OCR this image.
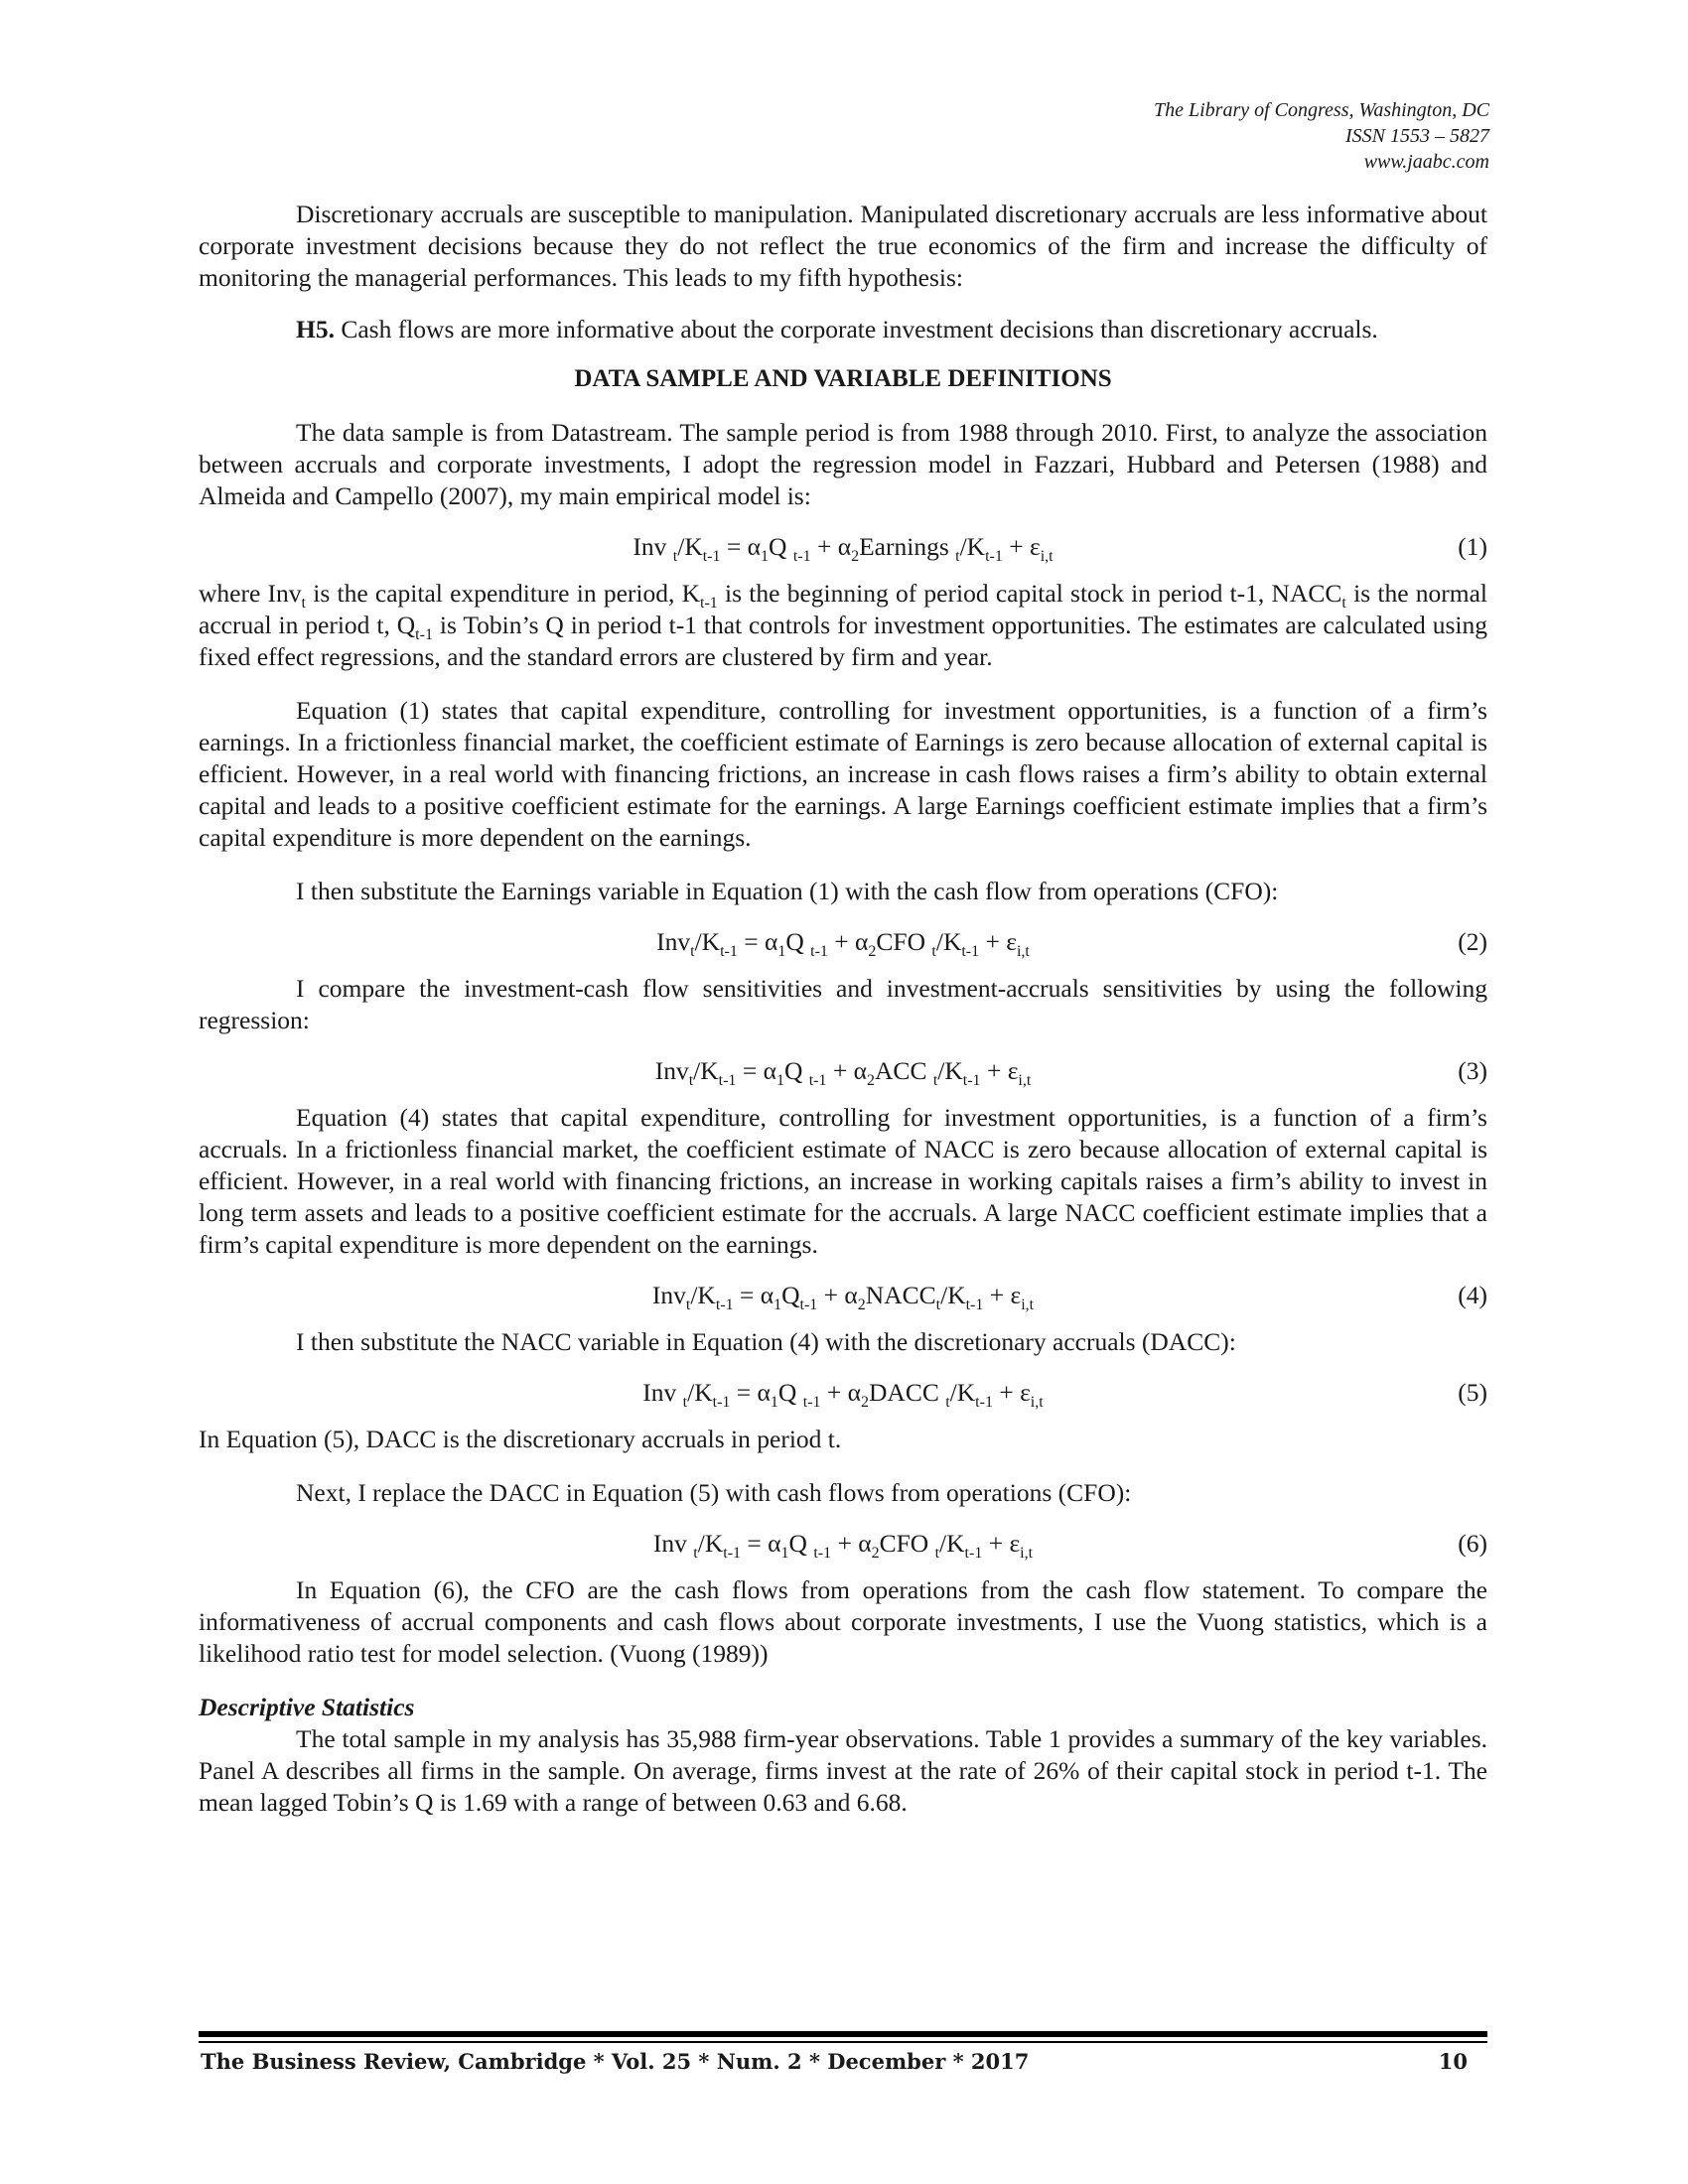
The Library of Congress, Washington, DC
ISSN 1553 – 5827
www.jaabc.com

Discretionary accruals are susceptible to manipulation. Manipulated discretionary accruals are less informative about corporate investment decisions because they do not reflect the true economics of the firm and increase the difficulty of monitoring the managerial performances. This leads to my fifth hypothesis:

H5. Cash flows are more informative about the corporate investment decisions than discretionary accruals.

DATA SAMPLE AND VARIABLE DEFINITIONS

The data sample is from Datastream. The sample period is from 1988 through 2010. First, to analyze the association between accruals and corporate investments, I adopt the regression model in Fazzari, Hubbard and Petersen (1988) and Almeida and Campello (2007), my main empirical model is:

Inv $_t/K_{t-1} = \alpha_1Q$ $_{t-1} + \alpha_2Earnings$ $_t/K_{t-1} + \varepsilon_{i,t}$	(1)

where Inv$_t$ is the capital expenditure in period, $K_{t-1}$ is the beginning of period capital stock in period t-1, $NACC_t$ is the normal accrual in period t, $Q_{t-1}$ is Tobin’s Q in period t-1 that controls for investment opportunities. The estimates are calculated using fixed effect regressions, and the standard errors are clustered by firm and year.

Equation (1) states that capital expenditure, controlling for investment opportunities, is a function of a firm’s earnings. In a frictionless financial market, the coefficient estimate of Earnings is zero because allocation of external capital is efficient. However, in a real world with financing frictions, an increase in cash flows raises a firm’s ability to obtain external capital and leads to a positive coefficient estimate for the earnings. A large Earnings coefficient estimate implies that a firm’s capital expenditure is more dependent on the earnings.

I then substitute the Earnings variable in Equation (1) with the cash flow from operations (CFO):

$Inv_t/K_{t-1} = \alpha_1Q$ $_{t-1} + \alpha_2CFO$ $_t/K_{t-1} + \varepsilon_{i,t}$	(2)

I compare the investment-cash flow sensitivities and investment-accruals sensitivities by using the following regression:

$Inv_t/K_{t-1} = \alpha_1Q$ $_{t-1} + \alpha_2ACC$ $_t/K_{t-1} + \varepsilon_{i,t}$	(3)

Equation (4) states that capital expenditure, controlling for investment opportunities, is a function of a firm’s accruals. In a frictionless financial market, the coefficient estimate of NACC is zero because allocation of external capital is efficient. However, in a real world with financing frictions, an increase in working capitals raises a firm’s ability to invest in long term assets and leads to a positive coefficient estimate for the accruals. A large NACC coefficient estimate implies that a firm’s capital expenditure is more dependent on the earnings.

$Inv_t/K_{t-1} = \alpha_1Q_{t-1}$ + $\alpha_2NACC_t/K_{t-1} + \varepsilon_{i,t}$	(4)

I then substitute the NACC variable in Equation (4) with the discretionary accruals (DACC):

Inv $_t/K_{t-1} = \alpha_1Q$ $_{t-1} + \alpha_2DACC$ $_t/K_{t-1} + \varepsilon_{i,t}$	(5)

In Equation (5), DACC is the discretionary accruals in period t.

Next, I replace the DACC in Equation (5) with cash flows from operations (CFO):

Inv $_t/K_{t-1} = \alpha_1Q$ $_{t-1} + \alpha_2CFO$ $_t/K_{t-1} + \varepsilon_{i,t}$	(6)

In Equation (6), the CFO are the cash flows from operations from the cash flow statement. To compare the informativeness of accrual components and cash flows about corporate investments, I use the Vuong statistics, which is a likelihood ratio test for model selection. (Vuong (1989))

Descriptive Statistics

The total sample in my analysis has 35,988 firm-year observations. Table 1 provides a summary of the key variables. Panel A describes all firms in the sample. On average, firms invest at the rate of 26% of their capital stock in period t-1. The mean lagged Tobin’s Q is 1.69 with a range of between 0.63 and 6.68.

The Business Review, Cambridge * Vol. 25 * Num. 2 * December * 2017	10
